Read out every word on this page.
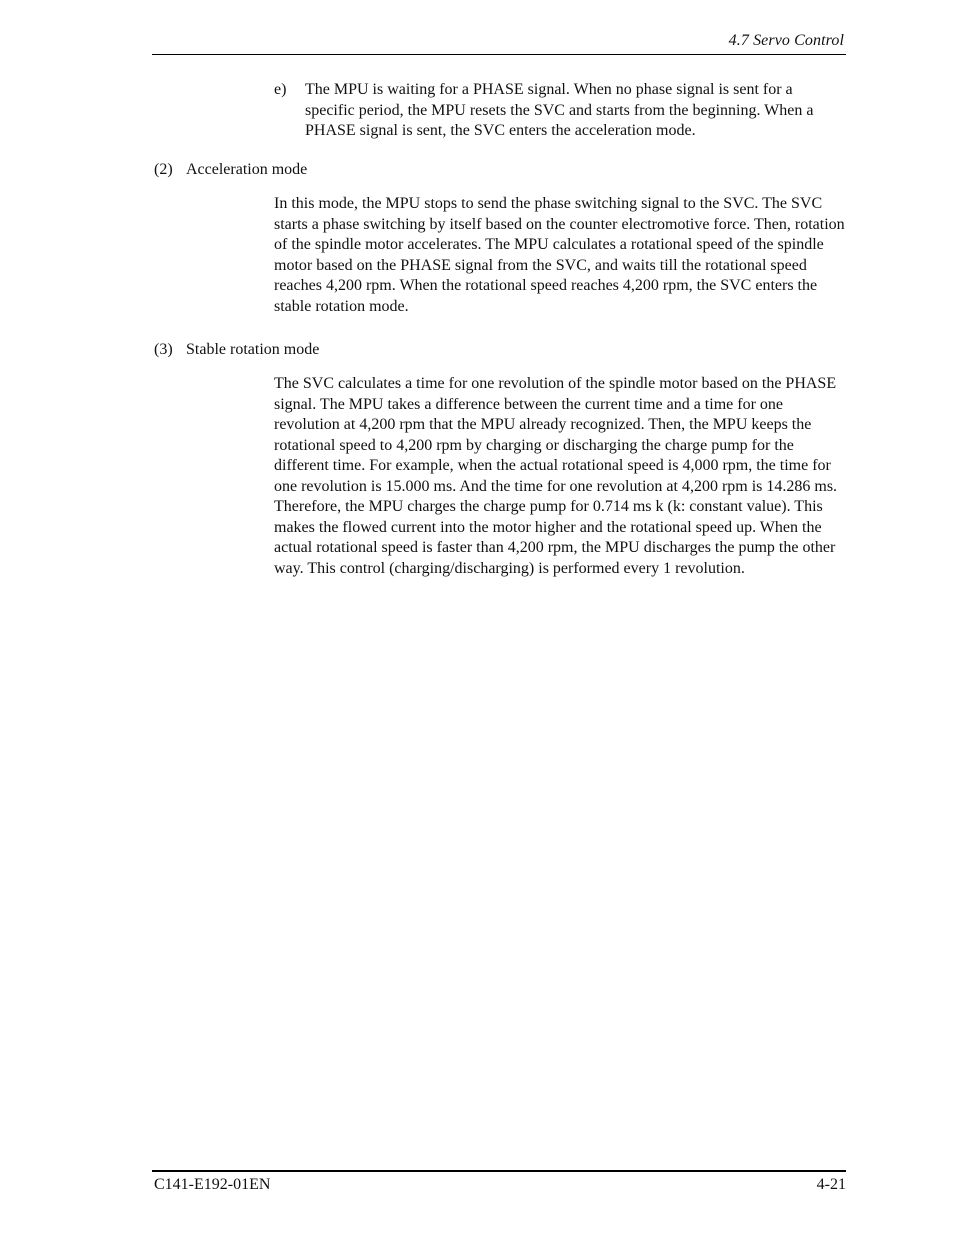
4.7 Servo Control
e) The MPU is waiting for a PHASE signal. When no phase signal is sent for a specific period, the MPU resets the SVC and starts from the beginning. When a PHASE signal is sent, the SVC enters the acceleration mode.
(2) Acceleration mode
In this mode, the MPU stops to send the phase switching signal to the SVC. The SVC starts a phase switching by itself based on the counter electromotive force. Then, rotation of the spindle motor accelerates. The MPU calculates a rotational speed of the spindle motor based on the PHASE signal from the SVC, and waits till the rotational speed reaches 4,200 rpm. When the rotational speed reaches 4,200 rpm, the SVC enters the stable rotation mode.
(3) Stable rotation mode
The SVC calculates a time for one revolution of the spindle motor based on the PHASE signal. The MPU takes a difference between the current time and a time for one revolution at 4,200 rpm that the MPU already recognized. Then, the MPU keeps the rotational speed to 4,200 rpm by charging or discharging the charge pump for the different time. For example, when the actual rotational speed is 4,000 rpm, the time for one revolution is 15.000 ms. And the time for one revolution at 4,200 rpm is 14.286 ms. Therefore, the MPU charges the charge pump for 0.714 ms k (k: constant value). This makes the flowed current into the motor higher and the rotational speed up. When the actual rotational speed is faster than 4,200 rpm, the MPU discharges the pump the other way. This control (charging/discharging) is performed every 1 revolution.
C141-E192-01EN	4-21
